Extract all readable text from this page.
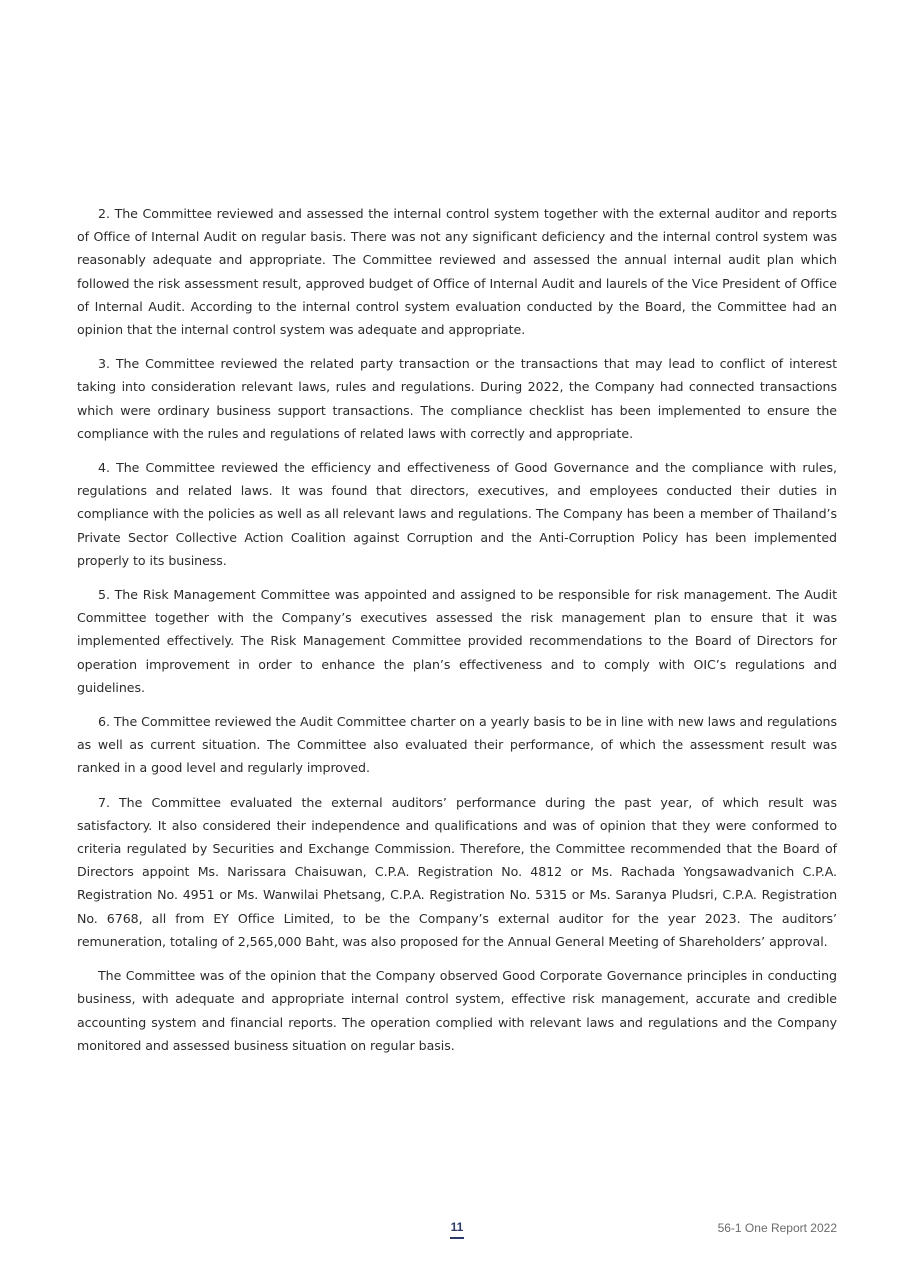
2. The Committee reviewed and assessed the internal control system together with the external auditor and reports of Office of Internal Audit on regular basis. There was not any significant deficiency and the internal control system was reasonably adequate and appropriate. The Committee reviewed and assessed the annual internal audit plan which followed the risk assessment result, approved budget of Office of Internal Audit and laurels of the Vice President of Office of Internal Audit. According to the internal control system evaluation conducted by the Board, the Committee had an opinion that the internal control system was adequate and appropriate.

3. The Committee reviewed the related party transaction or the transactions that may lead to conflict of interest taking into consideration relevant laws, rules and regulations. During 2022, the Company had connected transactions which were ordinary business support transactions. The compliance checklist has been implemented to ensure the compliance with the rules and regulations of related laws with correctly and appropriate.

4. The Committee reviewed the efficiency and effectiveness of Good Governance and the compliance with rules, regulations and related laws. It was found that directors, executives, and employees conducted their duties in compliance with the policies as well as all relevant laws and regulations. The Company has been a member of Thailand’s Private Sector Collective Action Coalition against Corruption and the Anti-Corruption Policy has been implemented properly to its business.

5. The Risk Management Committee was appointed and assigned to be responsible for risk management. The Audit Committee together with the Company’s executives assessed the risk management plan to ensure that it was implemented effectively. The Risk Management Committee provided recommendations to the Board of Directors for operation improvement in order to enhance the plan’s effectiveness and to comply with OIC’s regulations and guidelines.

6. The Committee reviewed the Audit Committee charter on a yearly basis to be in line with new laws and regulations as well as current situation. The Committee also evaluated their performance, of which the assessment result was ranked in a good level and regularly improved.

7. The Committee evaluated the external auditors’ performance during the past year, of which result was satisfactory. It also considered their independence and qualifications and was of opinion that they were conformed to criteria regulated by Securities and Exchange Commission. Therefore, the Committee recommended that the Board of Directors appoint Ms. Narissara Chaisuwan, C.P.A. Registration No. 4812 or Ms. Rachada Yongsawadvanich C.P.A. Registration No. 4951 or Ms. Wanwilai Phetsang, C.P.A. Registration No. 5315 or Ms. Saranya Pludsri, C.P.A. Registration No. 6768, all from EY Office Limited, to be the Company’s external auditor for the year 2023. The auditors’ remuneration, totaling of 2,565,000 Baht, was also proposed for the Annual General Meeting of Shareholders’ approval.

The Committee was of the opinion that the Company observed Good Corporate Governance principles in conducting business, with adequate and appropriate internal control system, effective risk management, accurate and credible accounting system and financial reports. The operation complied with relevant laws and regulations and the Company monitored and assessed business situation on regular basis.

11	56-1 One Report 2022
